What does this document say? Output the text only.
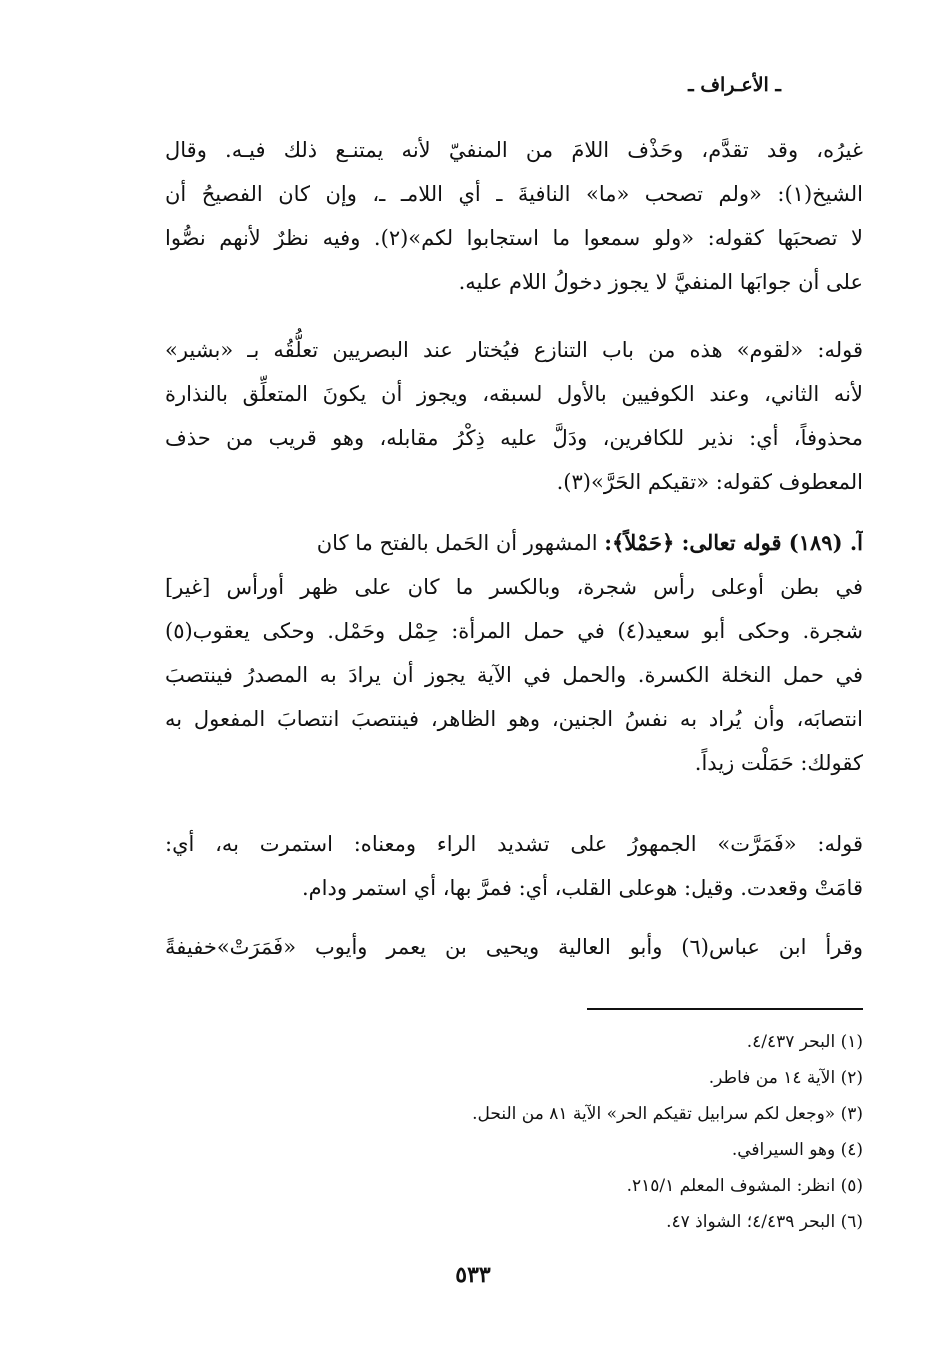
ـ الأعـراف ـ
غيرُه، وقد تقدَّم، وحَذْف اللامَ من المنفيّ لأنه يمتنـع ذلك فيـه. وقال
الشيخ(١): «ولم تصحب «ما» النافيةَ ـ أي اللامـ ـ، وإن كان الفصيحُ أن
لا تصحبَها كقوله: «ولو سمعوا ما استجابوا لكم»(٢). وفيه نظرٌ لأنهم نصُّوا
على أن جوابَها المنفيَّ لا يجوز دخولُ اللام عليه.
قوله: «لقوم» هذه من باب التنازع فيُختار عند البصريين تعلُّقُه بـ «بشير»
لأنه الثاني، وعند الكوفيين بالأول لسبقه، ويجوز أن يكونَ المتعلِّق بالنذارة
محذوفاً، أي: نذير للكافرين، ودَلَّ عليه ذِكْرُ مقابله، وهو قريب من حذف
المعطوف كقوله: «تقيكم الحَرَّ»(٣).
آ. (١٨٩) قوله تعالى: ﴿حَمْلاً﴾: المشهور أن الحَمل بالفتح ما كان
في بطن أوعلى رأس شجرة، وبالكسر ما كان على ظهر أورأس [غير]
شجرة. وحكى أبو سعيد(٤) في حمل المرأة: حِمْل وحَمْل. وحكى يعقوب(٥)
في حمل النخلة الكسرة. والحمل في الآية يجوز أن يرادَ به المصدرُ فينتصبَ
انتصابَه، وأن يُراد به نفسُ الجنين، وهو الظاهر، فينتصبَ انتصابَ المفعول به
كقولك: حَمَلْت زيداً.
قوله: «فَمَرَّت» الجمهورُ على تشديد الراء ومعناه: استمرت به، أي:
قامَتْ وقعدت. وقيل: هوعلى القلب، أي: فمرَّ بها، أي استمر ودام.
وقرأ ابن عباس(٦) وأبو العالية ويحيى بن يعمر وأيوب «فَمَرَتْ»خفيفةً
(١) البحر ٤/٤٣٧.
(٢) الآية ١٤ من فاطر.
(٣) «وجعل لكم سرابيل تقيكم الحر» الآية ٨١ من النحل.
(٤) وهو السيرافي.
(٥) انظر: المشوف المعلم ٢١٥/١.
(٦) البحر ٤/٤٣٩؛ الشواذ ٤٧.
٥٣٣
